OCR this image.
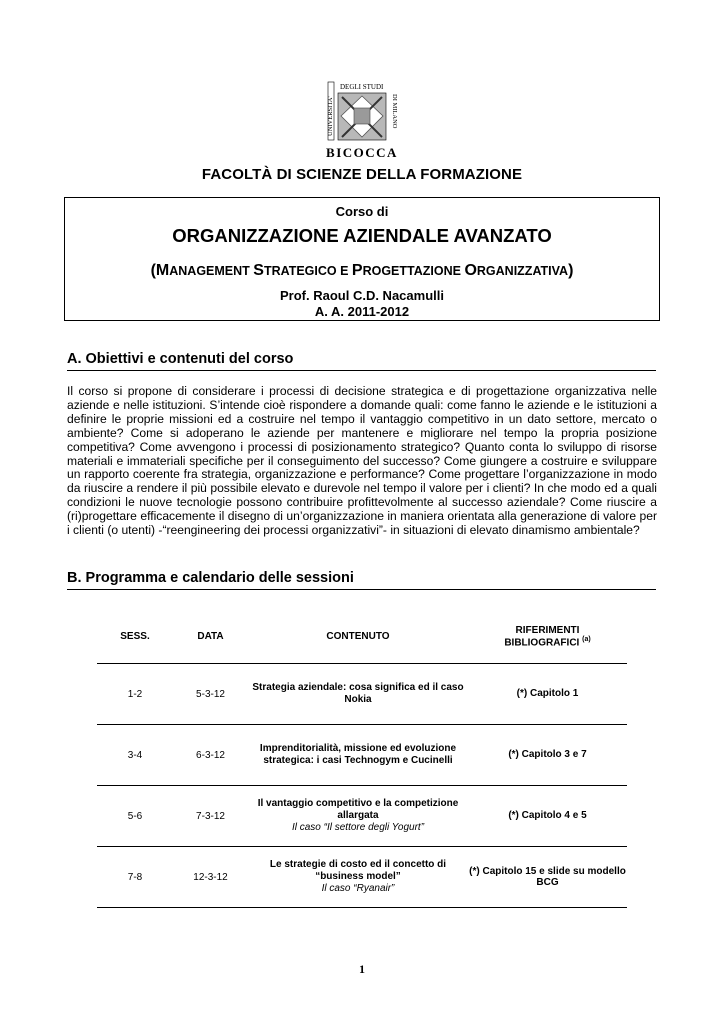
UNIVERSITA'
DEGLI STUDI
DI MILANO
BICOCCA
FACOLTÀ DI SCIENZE DELLA FORMAZIONE
Corso di
ORGANIZZAZIONE AZIENDALE AVANZATO
(MANAGEMENT STRATEGICO E PROGETTAZIONE ORGANIZZATIVA)
Prof. Raoul C.D. Nacamulli
A. A. 2011-2012
A. Obiettivi e contenuti del corso
Il corso si propone di considerare i processi di decisione strategica e di progettazione organizzativa nelle aziende e nelle istituzioni. S’intende cioè rispondere a domande quali: come fanno le aziende e le istituzioni a definire le proprie missioni ed a costruire nel tempo il vantaggio competitivo in un dato settore, mercato o ambiente? Come si adoperano le aziende per mantenere e migliorare nel tempo la propria posizione competitiva? Come avvengono i processi di posizionamento strategico? Quanto conta lo sviluppo di risorse materiali e immateriali specifiche per il conseguimento del successo? Come giungere a costruire e sviluppare un rapporto coerente fra strategia, organizzazione e performance? Come progettare l’organizzazione in modo da riuscire a rendere il più possibile elevato e durevole nel tempo il valore per i clienti? In che modo ed a quali condizioni le nuove tecnologie possono contribuire profittevolmente al successo aziendale? Come riuscire a (ri)progettare efficacemente il disegno di un’organizzazione in maniera orientata alla generazione di valore per i clienti (o utenti) -“reengineering dei processi organizzativi”- in situazioni di elevato dinamismo ambientale?
B. Programma e calendario delle sessioni
SESS.	DATA	CONTENUTO	RIFERIMENTI
BIBLIOGRAFICI $^{(a)}$
1-2	5-3-12	Strategia aziendale: cosa significa ed il caso Nokia	(*) Capitolo 1
3-4	6-3-12	Imprenditorialità, missione ed evoluzione strategica: i casi Technogym e Cucinelli	(*) Capitolo 3 e 7
5-6	7-3-12	Il vantaggio competitivo e la competizione allargata
Il caso “Il settore degli Yogurt”	(*) Capitolo 4 e 5
7-8	12-3-12	Le strategie di costo ed il concetto di “business model”
Il caso “Ryanair”	(*) Capitolo 15 e slide su modello BCG
1
